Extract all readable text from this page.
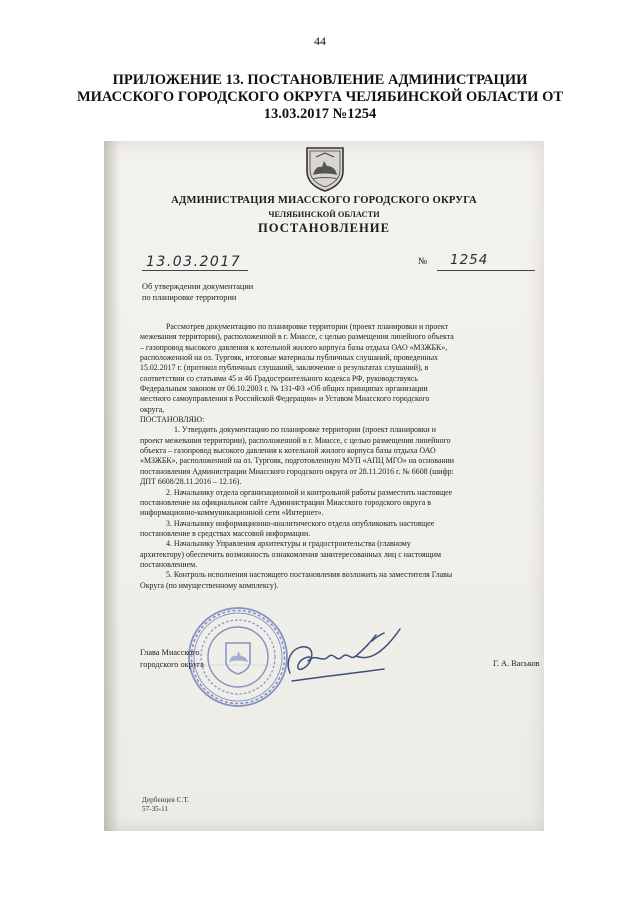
44
ПРИЛОЖЕНИЕ 13. ПОСТАНОВЛЕНИЕ АДМИНИСТРАЦИИ
МИАССКОГО ГОРОДСКОГО ОКРУГА ЧЕЛЯБИНСКОЙ ОБЛАСТИ ОТ
13.03.2017 №1254
АДМИНИСТРАЦИЯ МИАССКОГО ГОРОДСКОГО ОКРУГА
ЧЕЛЯБИНСКОЙ ОБЛАСТИ
ПОСТАНОВЛЕНИЕ
13.03.2017	№ 1254
Об утверждении документации
по планировке территории
Рассмотрев документацию по планировке территории (проект планировки и проект
межевания территории), расположенной в г. Миассе, с целью размещения линейного объекта
– газопровод высокого давления к котельной жилого корпуса базы отдыха ОАО «МЗЖБК»,
расположенной на оз. Тургояк, итоговые материалы публичных слушаний, проведенных
15.02.2017 г. (протокол публичных слушаний, заключение о результатах слушаний), в
соответствии со статьями 45 и 46 Градостроительного кодекса РФ, руководствуясь
Федеральным законом от 06.10.2003 г. № 131-ФЗ «Об общих принципах организации
местного самоуправления в Российской Федерации» и Уставом Миасского городского
округа,
ПОСТАНОВЛЯЮ:
1. Утвердить документацию по планировке территории (проект планировки и
проект межевания территории), расположенной в г. Миассе, с целью размещения линейного
объекта – газопровод высокого давления к котельной жилого корпуса базы отдыха ОАО
«МЗЖБК», расположенной на оз. Тургояк, подготовленную МУП «АПЦ МГО» на основании
постановления Администрации Миасского городского округа от 28.11.2016 г. № 6608 (шифр:
ДПТ 6608/28.11.2016 – 12.16).
2. Начальнику отдела организационной и контрольной работы разместить настоящее
постановление на официальном сайте Администрации Миасского городского округа в
информационно-коммуникационной сети «Интернет».
3. Начальнику информационно-аналитического отдела опубликовать настоящее
постановление в средствах массовой информации.
4. Начальнику Управления архитектуры и градостроительства (главному
архитектору) обеспечить возможность ознакомления заинтересованных лиц с настоящим
постановлением.
5. Контроль исполнения настоящего постановления возложить на заместителя Главы
Округа (по имущественному комплексу).
Глава Миасского
городского округа	Г. А. Васьков
Дербенцев С.Т.
57-35-11
